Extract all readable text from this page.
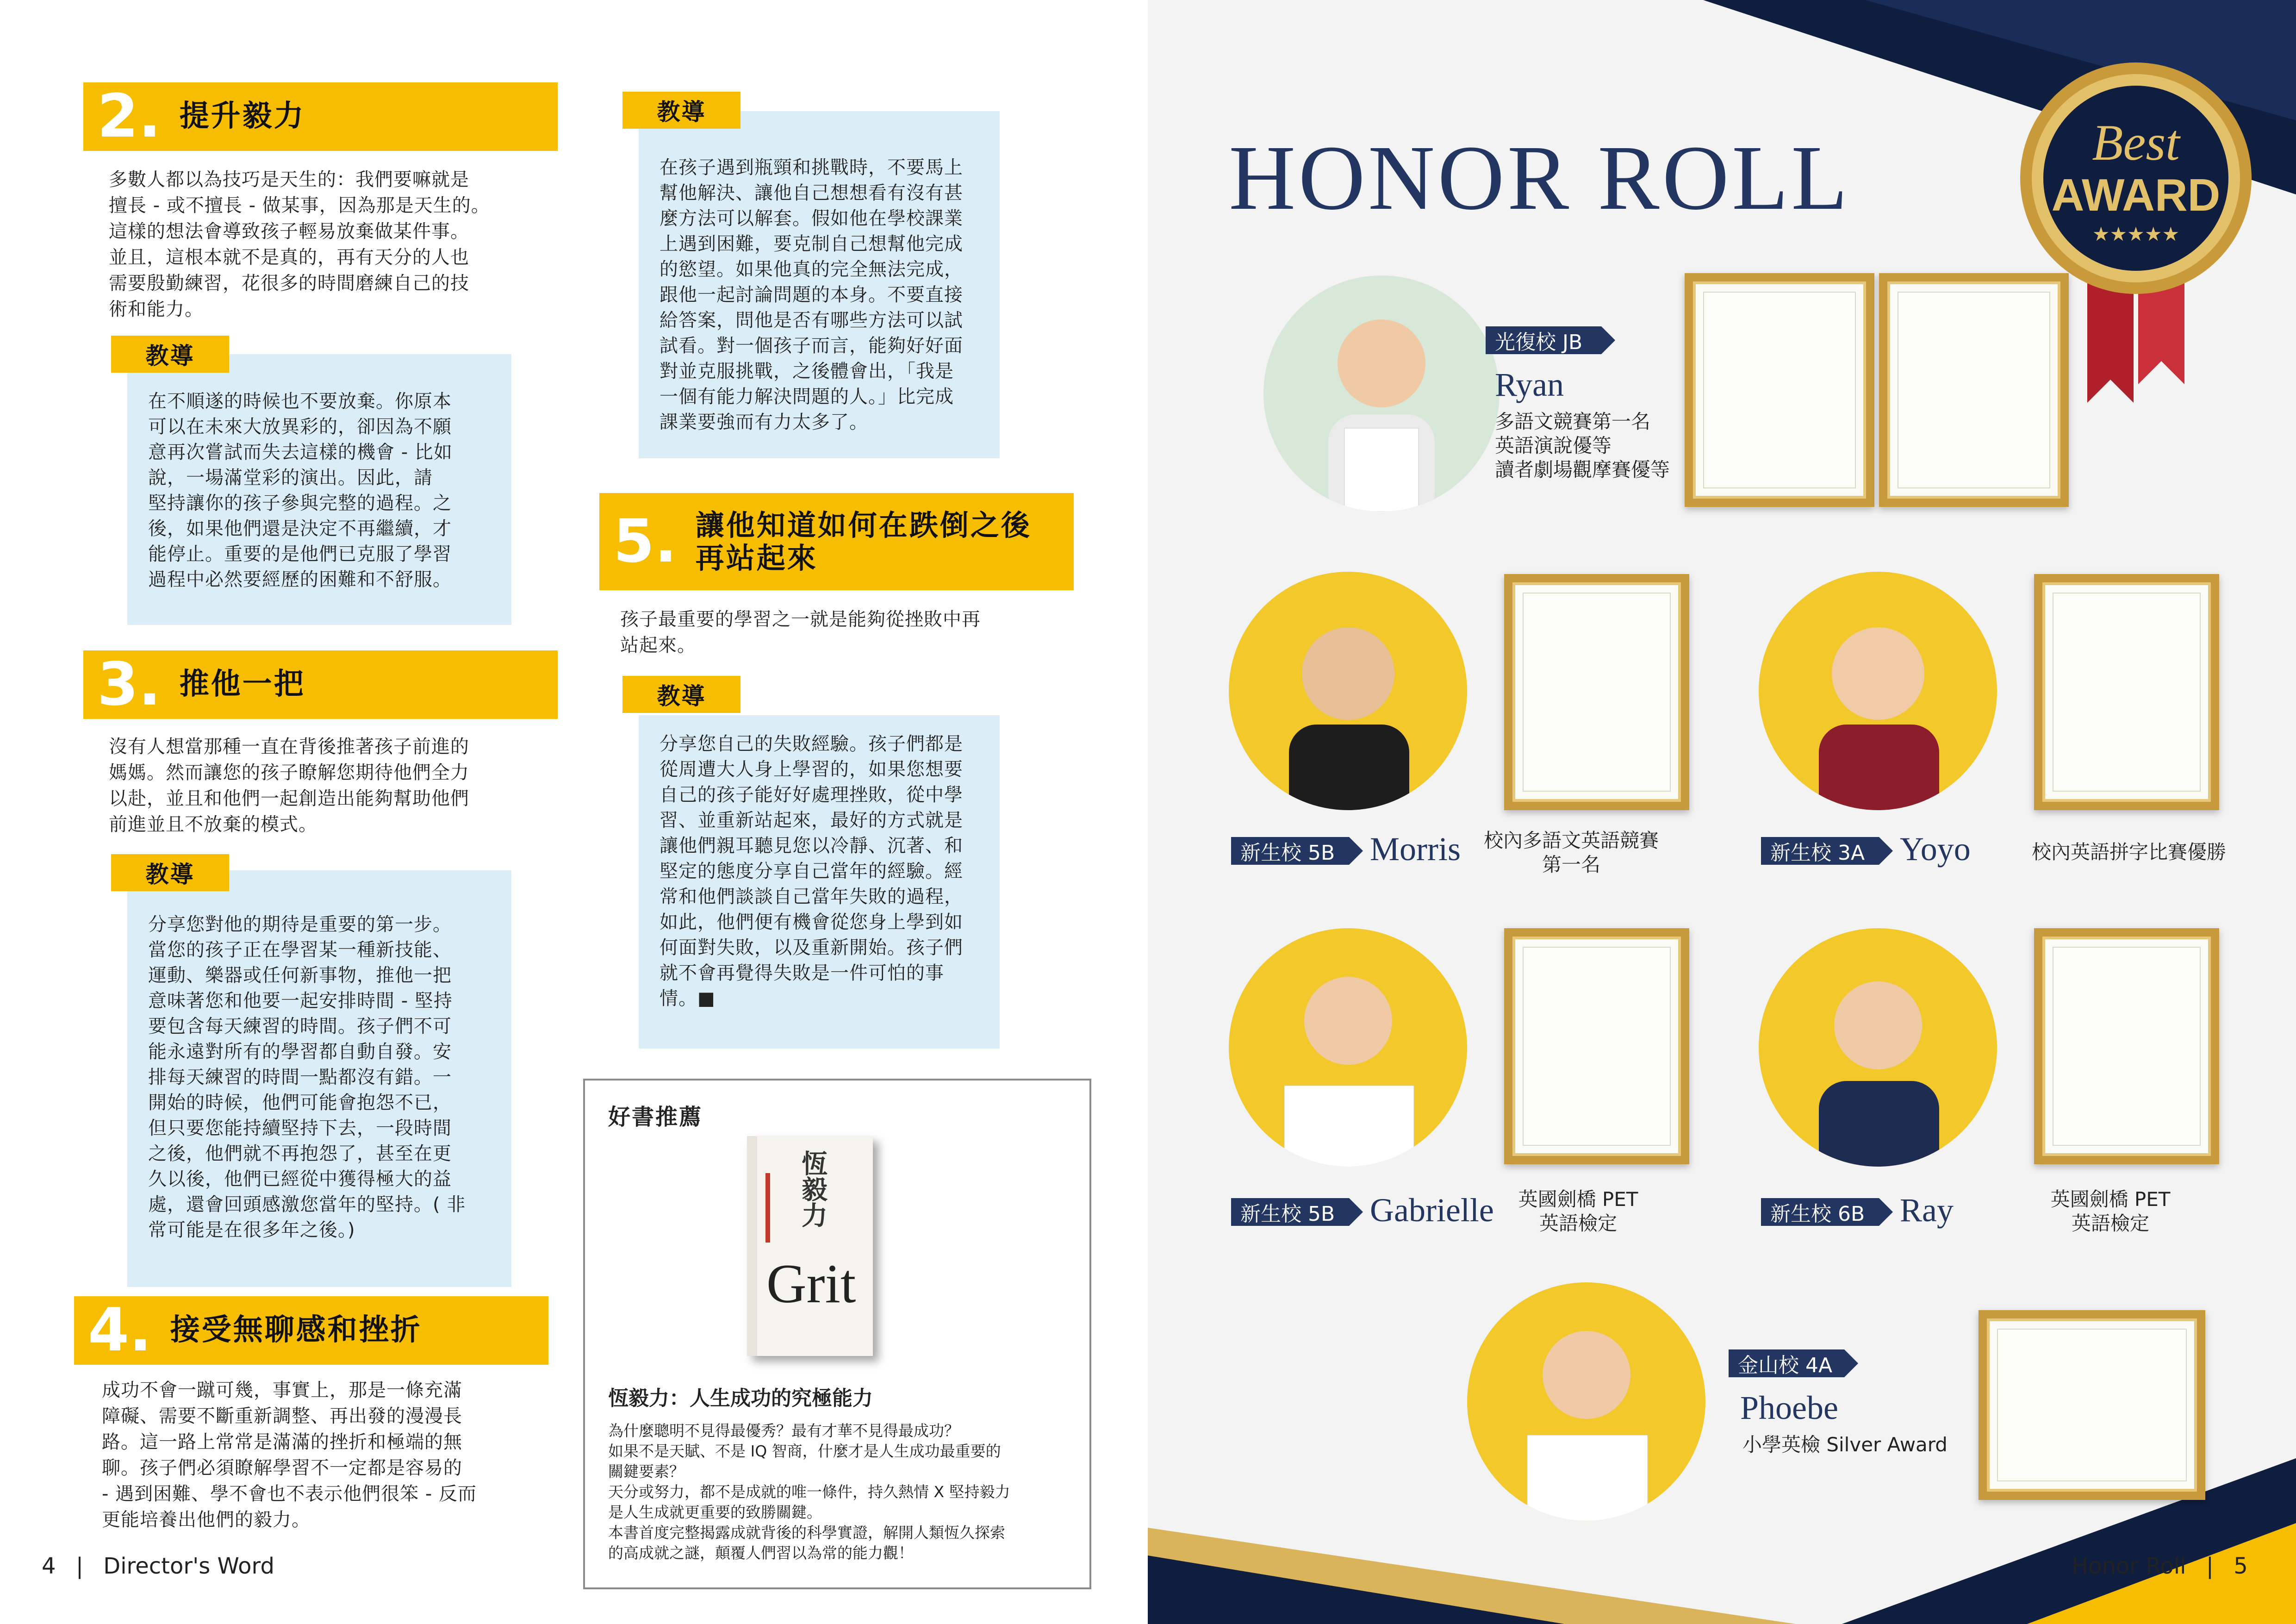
2. 提升毅力
多數人都以為技巧是天生的：我們要嘛就是
擅長 - 或不擅長 - 做某事，因為那是天生的。
這樣的想法會導致孩子輕易放棄做某件事。
並且，這根本就不是真的，再有天分的人也
需要殷勤練習，花很多的時間磨練自己的技
術和能力。
教導
在不順遂的時候也不要放棄。你原本
可以在未來大放異彩的，卻因為不願
意再次嘗試而失去這樣的機會 - 比如
說，一場滿堂彩的演出。因此，請
堅持讓你的孩子參與完整的過程。之
後，如果他們還是決定不再繼續，才
能停止。重要的是他們已克服了學習
過程中必然要經歷的困難和不舒服。
3. 推他一把
沒有人想當那種一直在背後推著孩子前進的
媽媽。然而讓您的孩子瞭解您期待他們全力
以赴，並且和他們一起創造出能夠幫助他們
前進並且不放棄的模式。
教導
分享您對他的期待是重要的第一步。
當您的孩子正在學習某一種新技能、
運動、樂器或任何新事物，推他一把
意味著您和他要一起安排時間 - 堅持
要包含每天練習的時間。孩子們不可
能永遠對所有的學習都自動自發。安
排每天練習的時間一點都沒有錯。一
開始的時候，他們可能會抱怨不已，
但只要您能持續堅持下去，一段時間
之後，他們就不再抱怨了，甚至在更
久以後，他們已經從中獲得極大的益
處，還會回頭感激您當年的堅持。( 非
常可能是在很多年之後。)
4. 接受無聊感和挫折
成功不會一蹴可幾，事實上，那是一條充滿
障礙、需要不斷重新調整、再出發的漫漫長
路。這一路上常常是滿滿的挫折和極端的無
聊。孩子們必須瞭解學習不一定都是容易的
- 遇到困難、學不會也不表示他們很笨 - 反而
更能培養出他們的毅力。
教導
在孩子遇到瓶頸和挑戰時，不要馬上
幫他解決、讓他自己想想看有沒有甚
麼方法可以解套。假如他在學校課業
上遇到困難，要克制自己想幫他完成
的慾望。如果他真的完全無法完成，
跟他一起討論問題的本身。不要直接
給答案，問他是否有哪些方法可以試
試看。對一個孩子而言，能夠好好面
對並克服挑戰，之後體會出，「我是
一個有能力解決問題的人。」比完成
課業要強而有力太多了。
5. 讓他知道如何在跌倒之後
再站起來
孩子最重要的學習之一就是能夠從挫敗中再
站起來。
教導
分享您自己的失敗經驗。孩子們都是
從周遭大人身上學習的，如果您想要
自己的孩子能好好處理挫敗，從中學
習、並重新站起來，最好的方式就是
讓他們親耳聽見您以冷靜、沉著、和
堅定的態度分享自己當年的經驗。經
常和他們談談自己當年失敗的過程，
如此，他們便有機會從您身上學到如
何面對失敗，以及重新開始。孩子們
就不會再覺得失敗是一件可怕的事
情。■
好書推薦
恆毅力
Grit
恆毅力：人生成功的究極能力
為什麼聰明不見得最優秀？最有才華不見得最成功？
如果不是天賦、不是 IQ 智商，什麼才是人生成功最重要的
關鍵要素？
天分或努力，都不是成就的唯一條件，持久熱情 X 堅持毅力
是人生成就更重要的致勝關鍵。
本書首度完整揭露成就背後的科學實證，解開人類恆久探索
的高成就之謎，顛覆人們習以為常的能力觀！
4 | Director's Word
HONOR ROLL	Best
AWARD
★★★★★
光復校 JB
Ryan
多語文競賽第一名
英語演說優等
讀者劇場觀摩賽優等
新生校 5B	Morris 校內多語文英語競賽
第一名	新生校 3A	Yoyo	校內英語拼字比賽優勝
新生校 5B	Gabrielle	英國劍橋 PET
英語檢定	新生校 6B	Ray	英國劍橋 PET
英語檢定
金山校 4A
Phoebe
小學英檢 Silver Award
Honor Roll | 5
